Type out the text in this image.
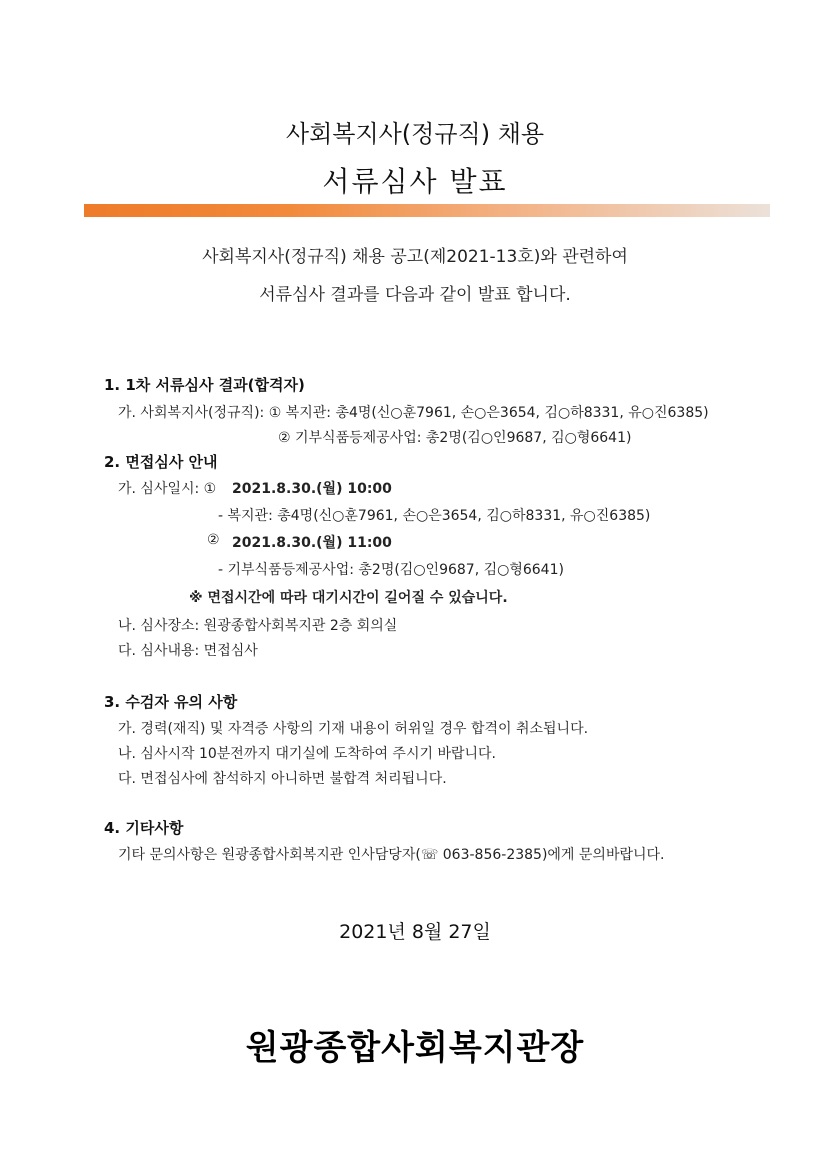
사회복지사(정규직) 채용
서류심사 발표
사회복지사(정규직) 채용 공고(제2021-13호)와 관련하여
서류심사 결과를 다음과 같이 발표 합니다.
1. 1차 서류심사 결과(합격자)
가. 사회복지사(정규직): ① 복지관: 총4명(신○훈7961, 손○은3654, 김○하8331, 유○진6385)
② 기부식품등제공사업: 총2명(김○인9687, 김○형6641)
2. 면접심사 안내
가. 심사일시: ① 2021.8.30.(월) 10:00
- 복지관: 총4명(신○훈7961, 손○은3654, 김○하8331, 유○진6385)
② 2021.8.30.(월) 11:00
- 기부식품등제공사업: 총2명(김○인9687, 김○형6641)
※ 면접시간에 따라 대기시간이 길어질 수 있습니다.
나. 심사장소: 원광종합사회복지관 2층 회의실
다. 심사내용: 면접심사
3. 수검자 유의 사항
가. 경력(재직) 및 자격증 사항의 기재 내용이 허위일 경우 합격이 취소됩니다.
나. 심사시작 10분전까지 대기실에 도착하여 주시기 바랍니다.
다. 면접심사에 참석하지 아니하면 불합격 처리됩니다.
4. 기타사항
기타 문의사항은 원광종합사회복지관 인사담당자(☏ 063-856-2385)에게 문의바랍니다.
2021년 8월 27일
원광종합사회복지관장
